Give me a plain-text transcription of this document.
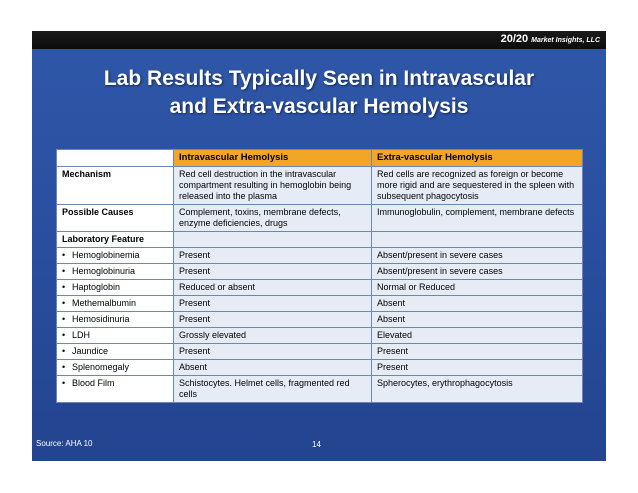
20/20 Market Insights, LLC
Lab Results Typically Seen in Intravascular
and Extra-vascular Hemolysis
	Intravascular Hemolysis	Extra-vascular Hemolysis
Mechanism	Red cell destruction in the intravascular compartment resulting in hemoglobin being released into the plasma	Red cells are recognized as foreign or become more rigid and are sequestered in the spleen with subsequent phagocytosis
Possible Causes	Complement, toxins, membrane defects, enzyme deficiencies, drugs	Immunoglobulin, complement, membrane defects
Laboratory Feature		
• Hemoglobinemia	Present	Absent/present in severe cases
• Hemoglobinuria	Present	Absent/present in severe cases
• Haptoglobin	Reduced or absent	Normal or Reduced
• Methemalbumin	Present	Absent
• Hemosidinuria	Present	Absent
• LDH	Grossly elevated	Elevated
• Jaundice	Present	Present
• Splenomegaly	Absent	Present
• Blood Film	Schistocytes. Helmet cells, fragmented red cells	Spherocytes, erythrophagocytosis
Source: AHA 10	14
